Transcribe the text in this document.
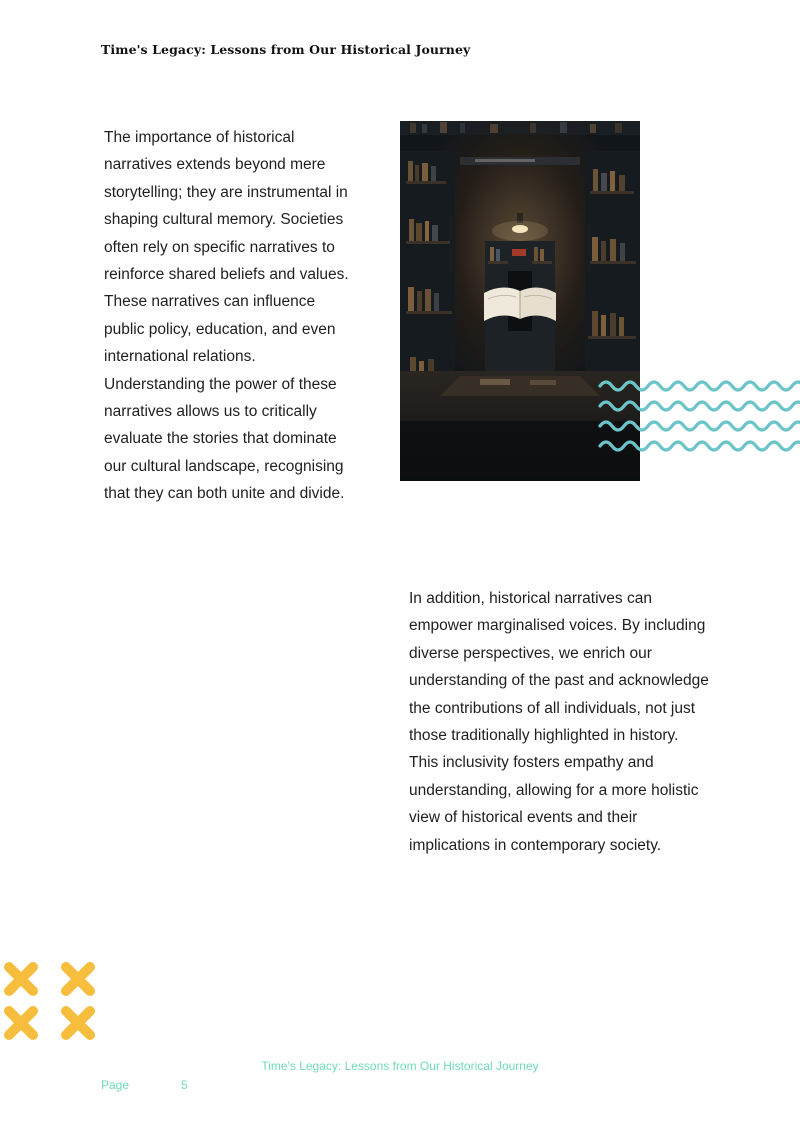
Time's Legacy: Lessons from Our Historical Journey

The importance of historical narratives extends beyond mere storytelling; they are instrumental in shaping cultural memory. Societies often rely on specific narratives to reinforce shared beliefs and values. These narratives can influence public policy, education, and even international relations. Understanding the power of these narratives allows us to critically evaluate the stories that dominate our cultural landscape, recognising that they can both unite and divide.

In addition, historical narratives can empower marginalised voices. By including diverse perspectives, we enrich our understanding of the past and acknowledge the contributions of all individuals, not just those traditionally highlighted in history. This inclusivity fosters empathy and understanding, allowing for a more holistic view of historical events and their implications in contemporary society.

Time's Legacy: Lessons from Our Historical Journey
Page	5
